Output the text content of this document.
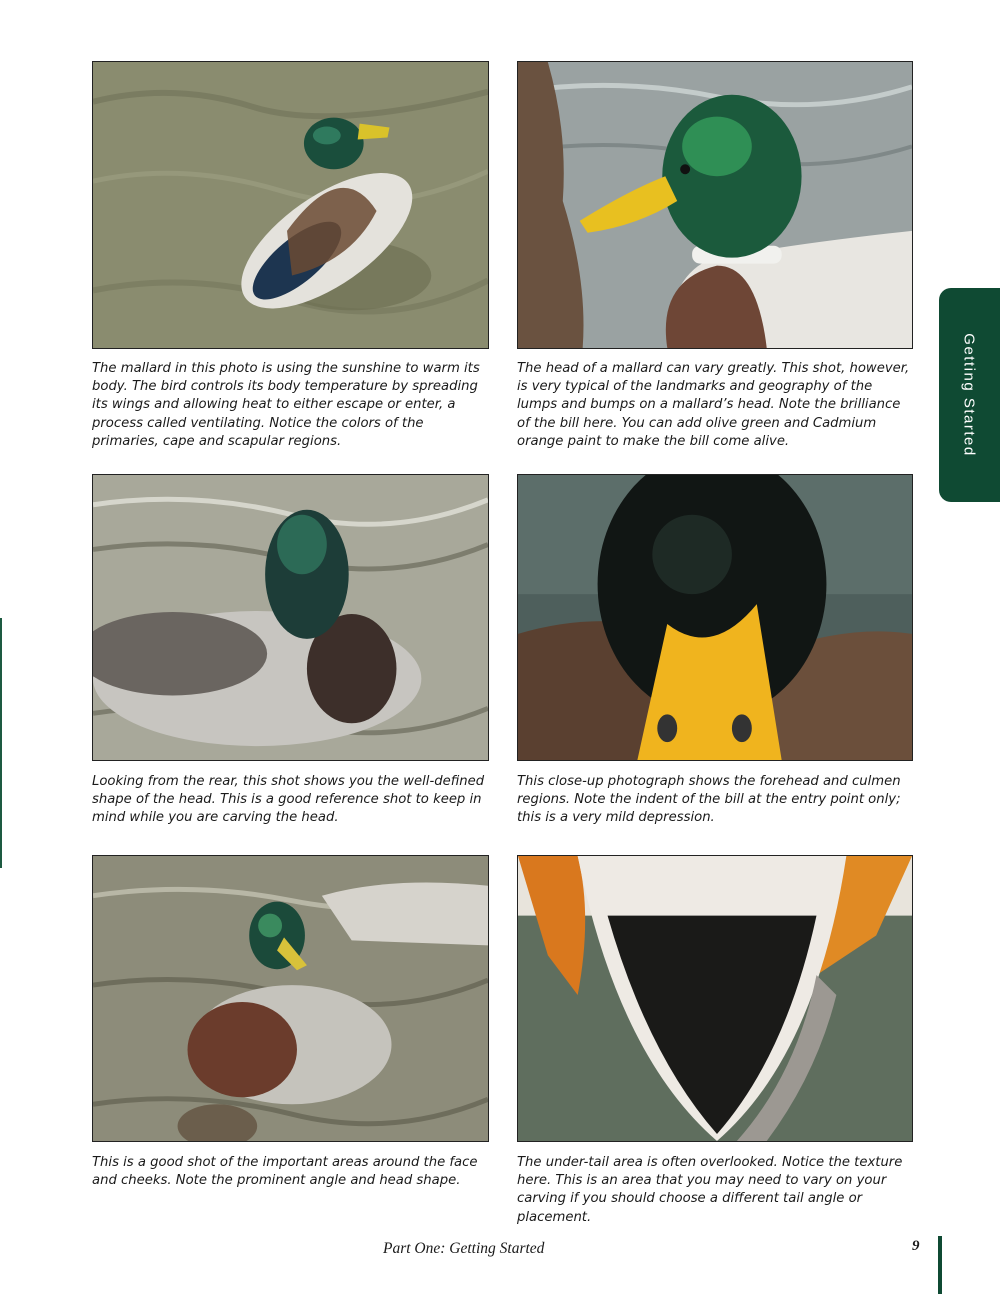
The mallard in this photo is using the sunshine to warm its body. The bird controls its body temperature by spreading its wings and allowing heat to either escape or enter, a process called ventilating. Notice the colors of the primaries, cape and scapular regions.
The head of a mallard can vary greatly. This shot, however, is very typical of the landmarks and geography of the lumps and bumps on a mallard’s head. Note the brilliance of the bill here. You can add olive green and Cadmium orange paint to make the bill come alive.
Looking from the rear, this shot shows you the well-defined shape of the head. This is a good reference shot to keep in mind while you are carving the head.
This close-up photograph shows the forehead and culmen regions. Note the indent of the bill at the entry point only; this is a very mild depression.
This is a good shot of the important areas around the face and cheeks. Note the prominent angle and head shape.
The under-tail area is often overlooked. Notice the texture here. This is an area that you may need to vary on your carving if you should choose a different tail angle or placement.
Getting Started
Part One: Getting Started	9
